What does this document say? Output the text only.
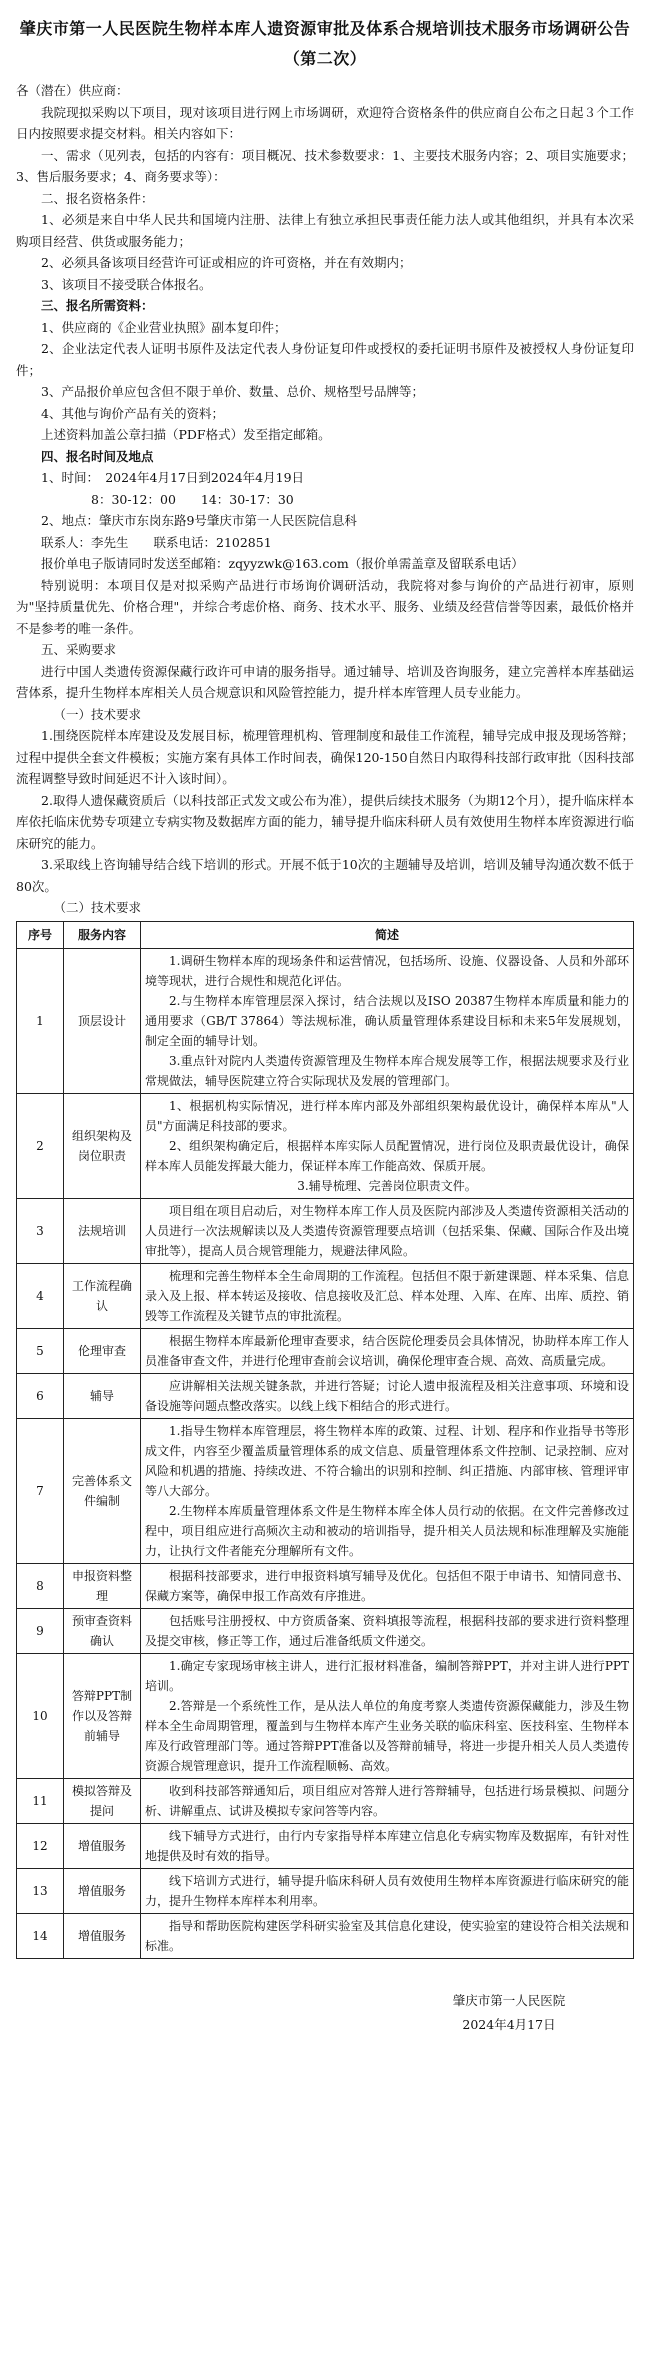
肇庆市第一人民医院生物样本库人遗资源审批及体系合规培训技术服务市场调研公告（第二次）
各（潜在）供应商：
我院现拟采购以下项目，现对该项目进行网上市场调研，欢迎符合资格条件的供应商自公布之日起３个工作日内按照要求提交材料。相关内容如下：
一、需求（见列表，包括的内容有：项目概况、技术参数要求：1、主要技术服务内容；2、项目实施要求；3、售后服务要求；4、商务要求等）：
二、报名资格条件：
1、必须是来自中华人民共和国境内注册、法律上有独立承担民事责任能力法人或其他组织，并具有本次采购项目经营、供货或服务能力；
2、必须具备该项目经营许可证或相应的许可资格，并在有效期内；
3、该项目不接受联合体报名。
三、报名所需资料：
1、供应商的《企业营业执照》副本复印件；
2、企业法定代表人证明书原件及法定代表人身份证复印件或授权的委托证明书原件及被授权人身份证复印件；
3、产品报价单应包含但不限于单价、数量、总价、规格型号品牌等；
4、其他与询价产品有关的资料；
上述资料加盖公章扫描（PDF格式）发至指定邮箱。
四、报名时间及地点
1、时间：　2024年4月17日到2024年4月19日
8：30-12：00　　14：30-17：30
2、地点：肇庆市东岗东路9号肇庆市第一人民医院信息科
联系人：李先生　　联系电话：2102851
报价单电子版请同时发送至邮箱：zqyyzwk@163.com（报价单需盖章及留联系电话）
特别说明：本项目仅是对拟采购产品进行市场询价调研活动，我院将对参与询价的产品进行初审，原则为"坚持质量优先、价格合理"，并综合考虑价格、商务、技术水平、服务、业绩及经营信誉等因素，最低价格并不是参考的唯一条件。
五、采购要求
进行中国人类遗传资源保藏行政许可申请的服务指导。通过辅导、培训及咨询服务，建立完善样本库基础运营体系，提升生物样本库相关人员合规意识和风险管控能力，提升样本库管理人员专业能力。
（一）技术要求
1.围绕医院样本库建设及发展目标，梳理管理机构、管理制度和最佳工作流程，辅导完成申报及现场答辩；过程中提供全套文件模板；实施方案有具体工作时间表，确保120-150自然日内取得科技部行政审批（因科技部流程调整导致时间延迟不计入该时间）。
2.取得人遗保藏资质后（以科技部正式发文或公布为准），提供后续技术服务（为期12个月），提升临床样本库依托临床优势专项建立专病实物及数据库方面的能力，辅导提升临床科研人员有效使用生物样本库资源进行临床研究的能力。
3.采取线上咨询辅导结合线下培训的形式。开展不低于10次的主题辅导及培训，培训及辅导沟通次数不低于80次。
（二）技术要求
序号	服务内容	简述
1	顶层设计	1.调研生物样本库的现场条件和运营情况，包括场所、设施、仪器设备、人员和外部环境等现状，进行合规性和规范化评估。

2.与生物样本库管理层深入探讨，结合法规以及ISO 20387生物样本库质量和能力的通用要求（GB/T 37864）等法规标准，确认质量管理体系建设目标和未来5年发展规划，制定全面的辅导计划。

3.重点针对院内人类遗传资源管理及生物样本库合规发展等工作，根据法规要求及行业常规做法，辅导医院建立符合实际现状及发展的管理部门。

2	组织架构及岗位职责	1、根据机构实际情况，进行样本库内部及外部组织架构最优设计，确保样本库从"人员"方面满足科技部的要求。

2、组织架构确定后，根据样本库实际人员配置情况，进行岗位及职责最优设计，确保样本库人员能发挥最大能力，保证样本库工作能高效、保质开展。

3.辅导梳理、完善岗位职责文件。

3	法规培训	项目组在项目启动后，对生物样本库工作人员及医院内部涉及人类遗传资源相关活动的人员进行一次法规解读以及人类遗传资源管理要点培训（包括采集、保藏、国际合作及出境审批等），提高人员合规管理能力，规避法律风险。

4	工作流程确认	梳理和完善生物样本全生命周期的工作流程。包括但不限于新建课题、样本采集、信息录入及上报、样本转运及接收、信息接收及汇总、样本处理、入库、在库、出库、质控、销毁等工作流程及关键节点的审批流程。

5	伦理审查	根据生物样本库最新伦理审查要求，结合医院伦理委员会具体情况，协助样本库工作人员准备审查文件，并进行伦理审查前会议培训，确保伦理审查合规、高效、高质量完成。

6	辅导	应讲解相关法规关键条款，并进行答疑；讨论人遗申报流程及相关注意事项、环境和设备设施等问题点整改落实。以线上线下相结合的形式进行。

7	完善体系文件编制	1.指导生物样本库管理层，将生物样本库的政策、过程、计划、程序和作业指导书等形成文件，内容至少覆盖质量管理体系的成文信息、质量管理体系文件控制、记录控制、应对风险和机遇的措施、持续改进、不符合输出的识别和控制、纠正措施、内部审核、管理评审等八大部分。

2.生物样本库质量管理体系文件是生物样本库全体人员行动的依据。在文件完善修改过程中，项目组应进行高频次主动和被动的培训指导，提升相关人员法规和标准理解及实施能力，让执行文件者能充分理解所有文件。

8	申报资料整理	根据科技部要求，进行申报资料填写辅导及优化。包括但不限于申请书、知情同意书、保藏方案等，确保申报工作高效有序推进。

9	预审查资料确认	包括账号注册授权、中方资质备案、资料填报等流程，根据科技部的要求进行资料整理及提交审核，修正等工作，通过后准备纸质文件递交。

10	答辩PPT制作以及答辩前辅导	1.确定专家现场审核主讲人，进行汇报材料准备，编制答辩PPT，并对主讲人进行PPT培训。

2.答辩是一个系统性工作，是从法人单位的角度考察人类遗传资源保藏能力，涉及生物样本全生命周期管理，覆盖到与生物样本库产生业务关联的临床科室、医技科室、生物样本库及行政管理部门等。通过答辩PPT准备以及答辩前辅导，将进一步提升相关人员人类遗传资源合规管理意识，提升工作流程顺畅、高效。

11	模拟答辩及提问	收到科技部答辩通知后，项目组应对答辩人进行答辩辅导，包括进行场景模拟、问题分析、讲解重点、试讲及模拟专家问答等内容。

12	增值服务	线下辅导方式进行，由行内专家指导样本库建立信息化专病实物库及数据库，有针对性地提供及时有效的指导。

13	增值服务	线下培训方式进行，辅导提升临床科研人员有效使用生物样本库资源进行临床研究的能力，提升生物样本库样本利用率。

14	增值服务	指导和帮助医院构建医学科研实验室及其信息化建设，使实验室的建设符合相关法规和标准。

肇庆市第一人民医院
2024年4月17日
